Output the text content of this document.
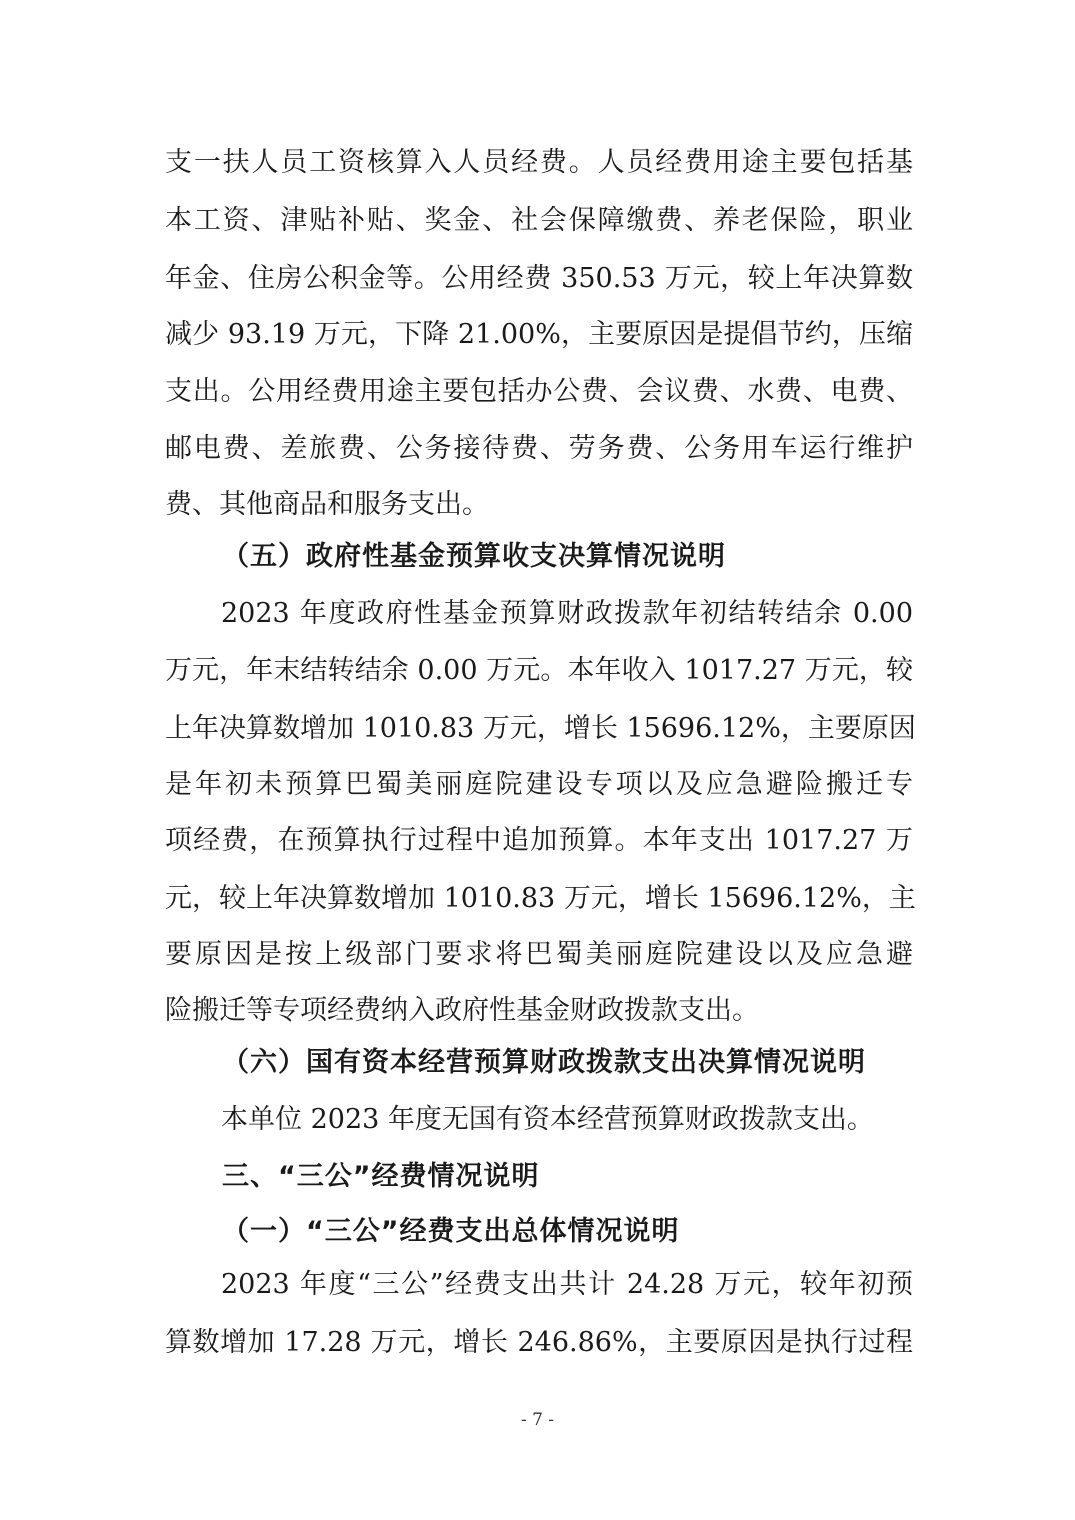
支一扶人员工资核算入人员经费。人员经费用途主要包括基
本工资、津贴补贴、奖金、社会保障缴费、养老保险，职业
年金、住房公积金等。公用经费 350.53 万元，较上年决算数
减少 93.19 万元，下降 21.00%，主要原因是提倡节约，压缩
支出。公用经费用途主要包括办公费、会议费、水费、电费、
邮电费、差旅费、公务接待费、劳务费、公务用车运行维护
费、其他商品和服务支出。
（五）政府性基金预算收支决算情况说明
2023 年度政府性基金预算财政拨款年初结转结余 0.00
万元，年末结转结余 0.00 万元。本年收入 1017.27 万元，较
上年决算数增加 1010.83 万元，增长 15696.12%，主要原因
是年初未预算巴蜀美丽庭院建设专项以及应急避险搬迁专
项经费，在预算执行过程中追加预算。本年支出 1017.27 万
元，较上年决算数增加 1010.83 万元，增长 15696.12%，主
要原因是按上级部门要求将巴蜀美丽庭院建设以及应急避
险搬迁等专项经费纳入政府性基金财政拨款支出。
（六）国有资本经营预算财政拨款支出决算情况说明
本单位 2023 年度无国有资本经营预算财政拨款支出。
三、“三公”经费情况说明
（一）“三公”经费支出总体情况说明
2023 年度“三公”经费支出共计 24.28 万元，较年初预
算数增加 17.28 万元，增长 246.86%，主要原因是执行过程
- 7 -
